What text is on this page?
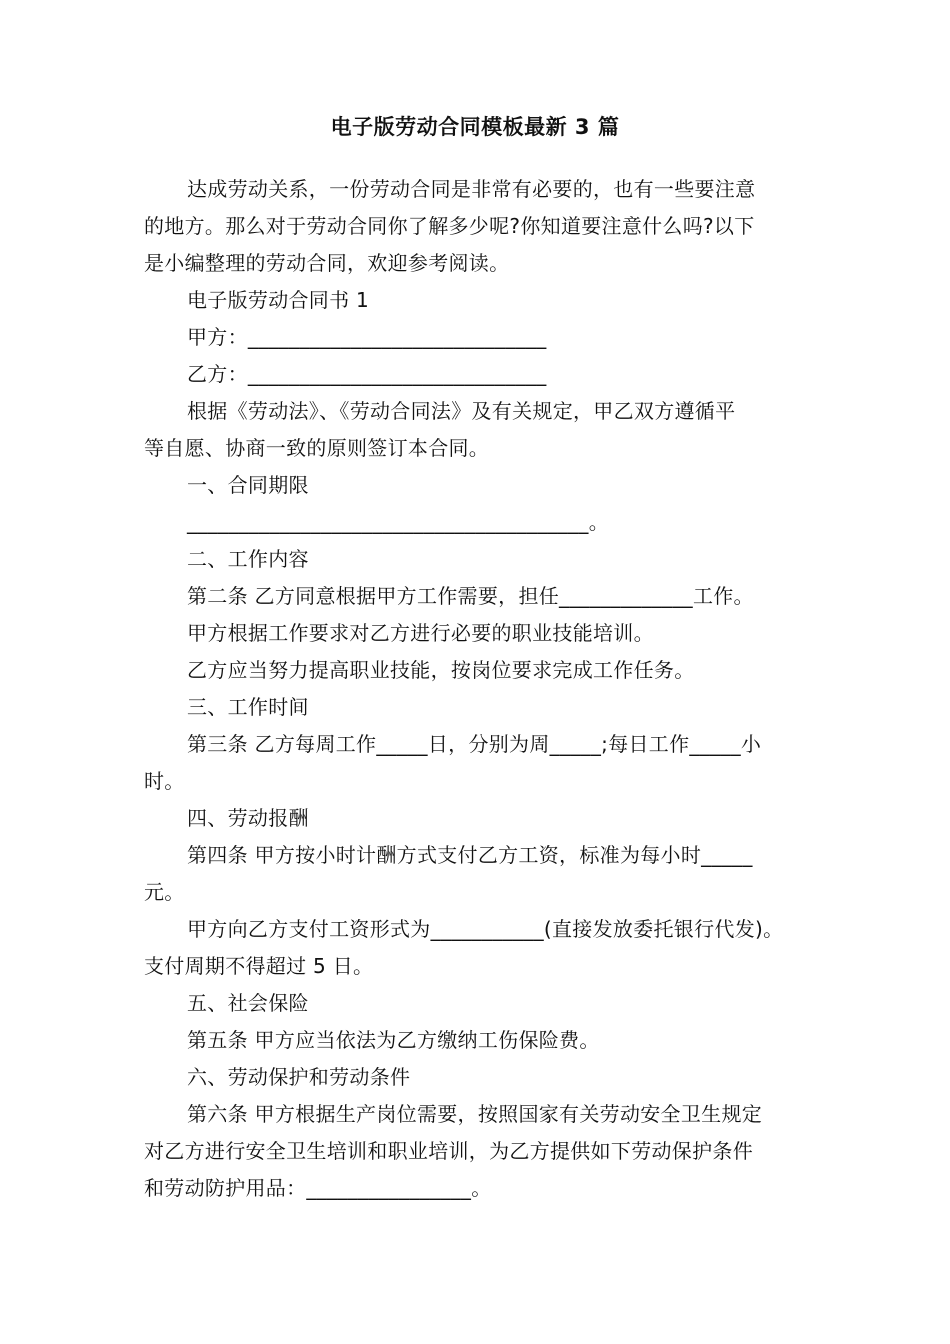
电子版劳动合同模板最新 3 篇
达成劳动关系，一份劳动合同是非常有必要的，也有一些要注意
的地方。那么对于劳动合同你了解多少呢?你知道要注意什么吗?以下
是小编整理的劳动合同，欢迎参考阅读。
电子版劳动合同书 1
甲方：_____________________________
乙方：_____________________________
根据《劳动法》、《劳动合同法》及有关规定，甲乙双方遵循平
等自愿、协商一致的原则签订本合同。
一、合同期限
_______________________________________。
二、工作内容
第二条 乙方同意根据甲方工作需要，担任_____________工作。
甲方根据工作要求对乙方进行必要的职业技能培训。
乙方应当努力提高职业技能，按岗位要求完成工作任务。
三、工作时间
第三条 乙方每周工作_____日，分别为周_____;每日工作_____小
时。
四、劳动报酬
第四条 甲方按小时计酬方式支付乙方工资，标准为每小时_____
元。
甲方向乙方支付工资形式为___________(直接发放委托银行代发)。
支付周期不得超过 5 日。
五、社会保险
第五条 甲方应当依法为乙方缴纳工伤保险费。
六、劳动保护和劳动条件
第六条 甲方根据生产岗位需要，按照国家有关劳动安全卫生规定
对乙方进行安全卫生培训和职业培训，为乙方提供如下劳动保护条件
和劳动防护用品：________________。
